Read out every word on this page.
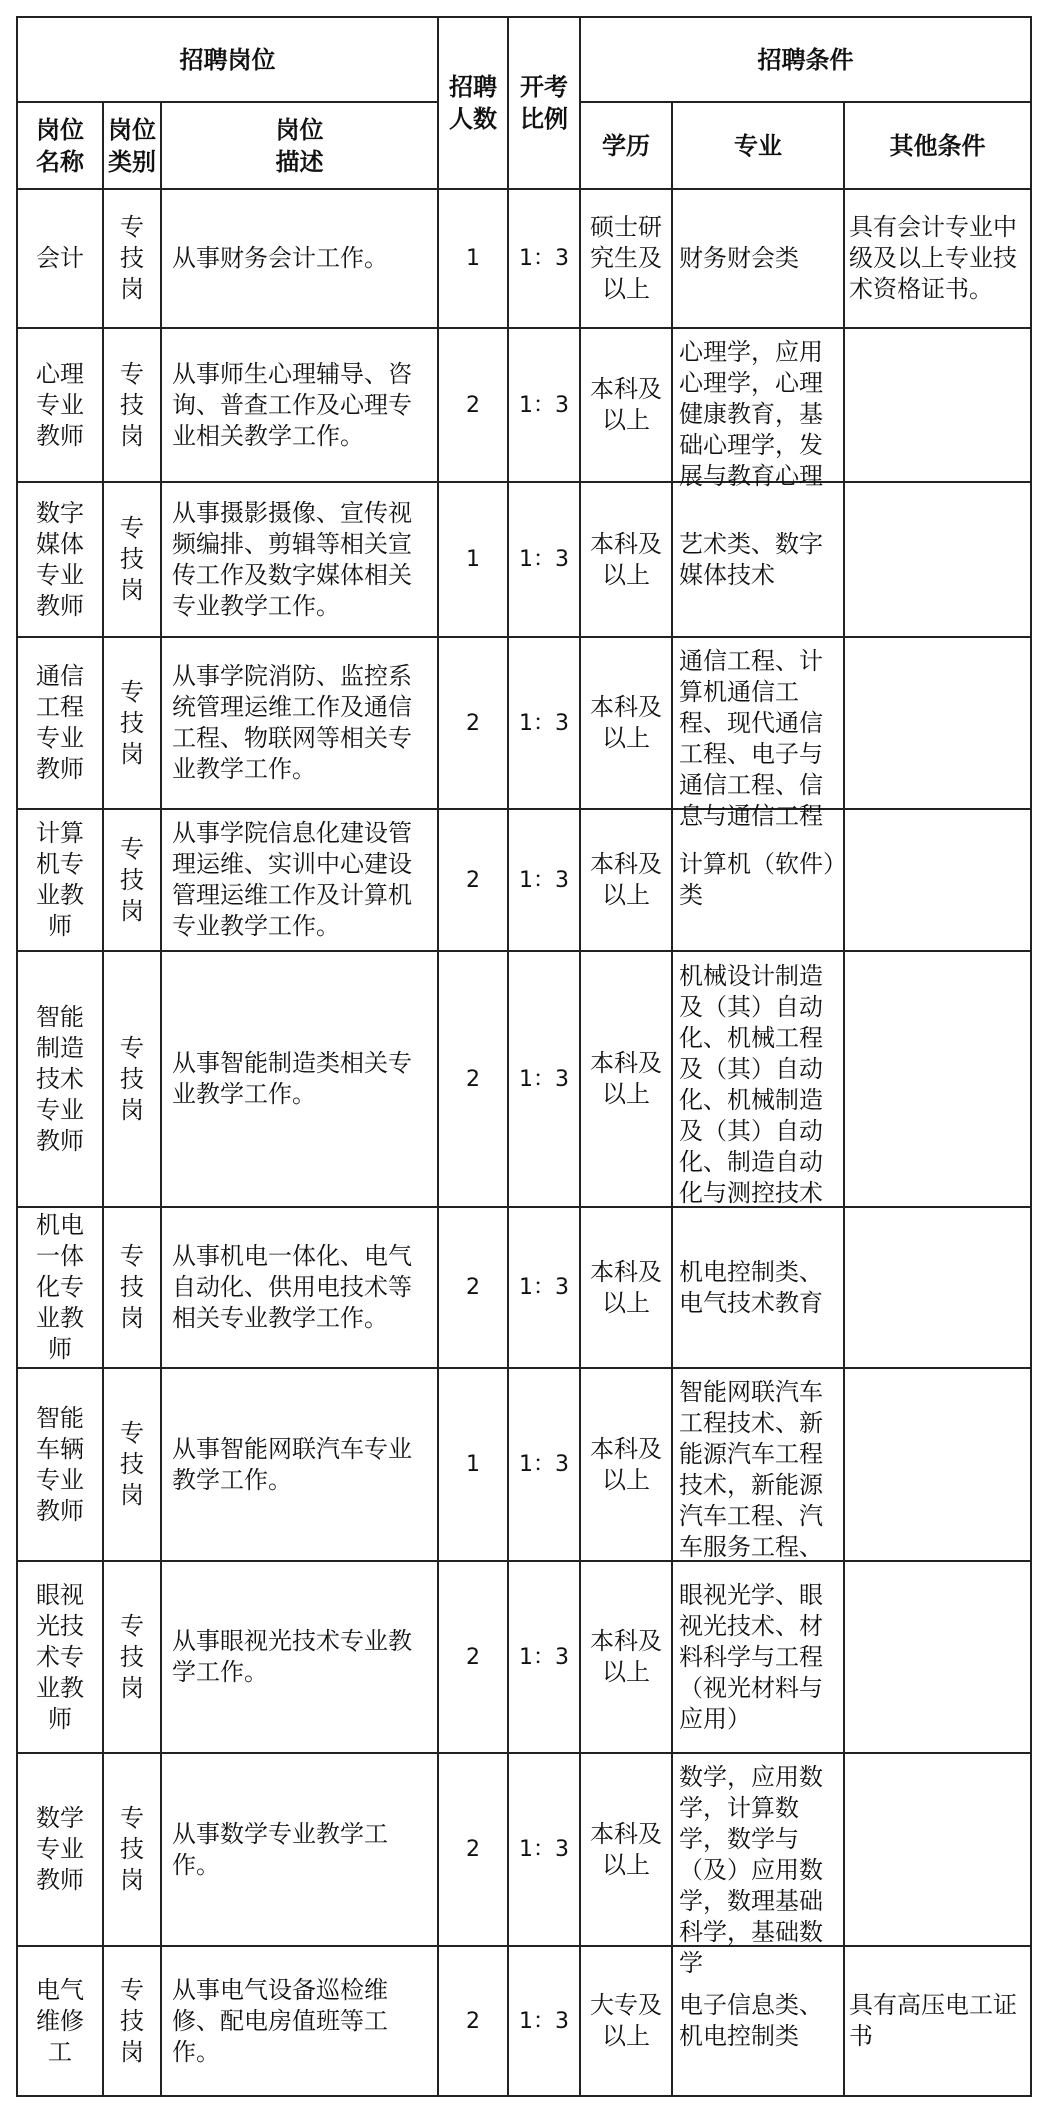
招聘岗位			招聘人数	开考比例	招聘条件		
岗位名称	岗位类别	岗位描述			学历	专业	其他条件
会计	专技岗	从事财务会计工作。	1	1：3	硕士研究生及以上	财务财会类	具有会计专业中级及以上专业技术资格证书。
心理专业教师	专技岗	从事师生心理辅导、咨询、普查工作及心理专业相关教学工作。	2	1：3	本科及以上	心理学，应用心理学，心理健康教育，基础心理学，发展与教育心理	

数字媒体专业教师	专技岗	从事摄影摄像、宣传视频编排、剪辑等相关宣传工作及数字媒体相关专业教学工作。	1	1：3	本科及以上	艺术类、数字媒体技术	

通信工程专业教师	专技岗	从事学院消防、监控系统管理运维工作及通信工程、物联网等相关专业教学工作。	2	1：3	本科及以上	通信工程、计算机通信工程、现代通信工程、电子与通信工程、信息与通信工程	

计算机专业教师	专技岗	从事学院信息化建设管理运维、实训中心建设管理运维工作及计算机专业教学工作。	2	1：3	本科及以上	计算机（软件）类	

智能制造技术专业教师	专技岗	从事智能制造类相关专业教学工作。	2	1：3	本科及以上	机械设计制造及（其）自动化、机械工程及（其）自动化、机械制造及（其）自动化、制造自动化与测控技术	

机电一体化专业教师	专技岗	从事机电一体化、电气自动化、供用电技术等相关专业教学工作。	2	1：3	本科及以上	机电控制类、电气技术教育	

智能车辆专业教师	专技岗	从事智能网联汽车专业教学工作。	1	1：3	本科及以上	智能网联汽车工程技术、新能源汽车工程技术，新能源汽车工程、汽车服务工程、	

眼视光技术专业教师	专技岗	从事眼视光技术专业教学工作。	2	1：3	本科及以上	眼视光学、眼视光技术、材料科学与工程（视光材料与应用）	

数学专业教师	专技岗	从事数学专业教学工作。	2	1：3	本科及以上	数学，应用数学，计算数学，数学与（及）应用数学，数理基础科学，基础数学	

电气维修工	专技岗	从事电气设备巡检维修、配电房值班等工作。	2	1：3	大专及以上	电子信息类、机电控制类	具有高压电工证书
